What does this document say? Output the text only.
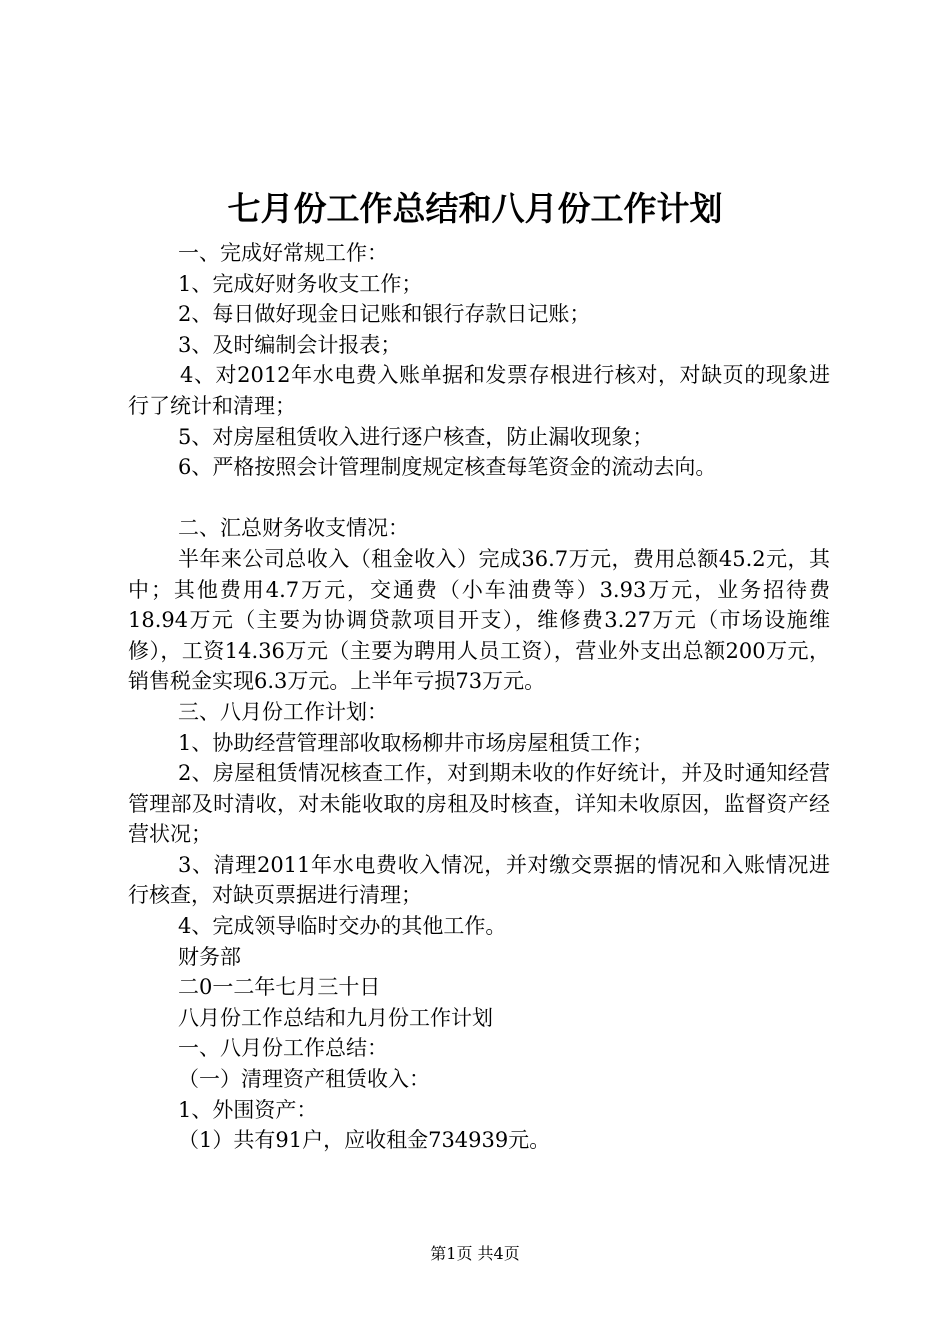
七月份工作总结和八月份工作计划

一、完成好常规工作：

1、完成好财务收支工作；

2、每日做好现金日记账和银行存款日记账；

3、及时编制会计报表；

4、对2012年水电费入账单据和发票存根进行核对，对缺页的现象进行了统计和清理；

5、对房屋租赁收入进行逐户核查，防止漏收现象；

6、严格按照会计管理制度规定核查每笔资金的流动去向。

二、汇总财务收支情况：

半年来公司总收入（租金收入）完成36.7万元，费用总额45.2元，其中；其他费用4.7万元，交通费（小车油费等）3.93万元，业务招待费18.94万元（主要为协调贷款项目开支），维修费3.27万元（市场设施维修），工资14.36万元（主要为聘用人员工资），营业外支出总额200万元，销售税金实现6.3万元。上半年亏损73万元。

三、八月份工作计划：

1、协助经营管理部收取杨柳井市场房屋租赁工作；

2、房屋租赁情况核查工作，对到期未收的作好统计，并及时通知经营管理部及时清收，对未能收取的房租及时核查，详知未收原因，监督资产经营状况；

3、清理2011年水电费收入情况，并对缴交票据的情况和入账情况进行核查，对缺页票据进行清理；

4、完成领导临时交办的其他工作。

财务部

二0一二年七月三十日

八月份工作总结和九月份工作计划

一、八月份工作总结：

（一）清理资产租赁收入：

1、外围资产：

（1）共有91户，应收租金734939元。

第1页 共4页
